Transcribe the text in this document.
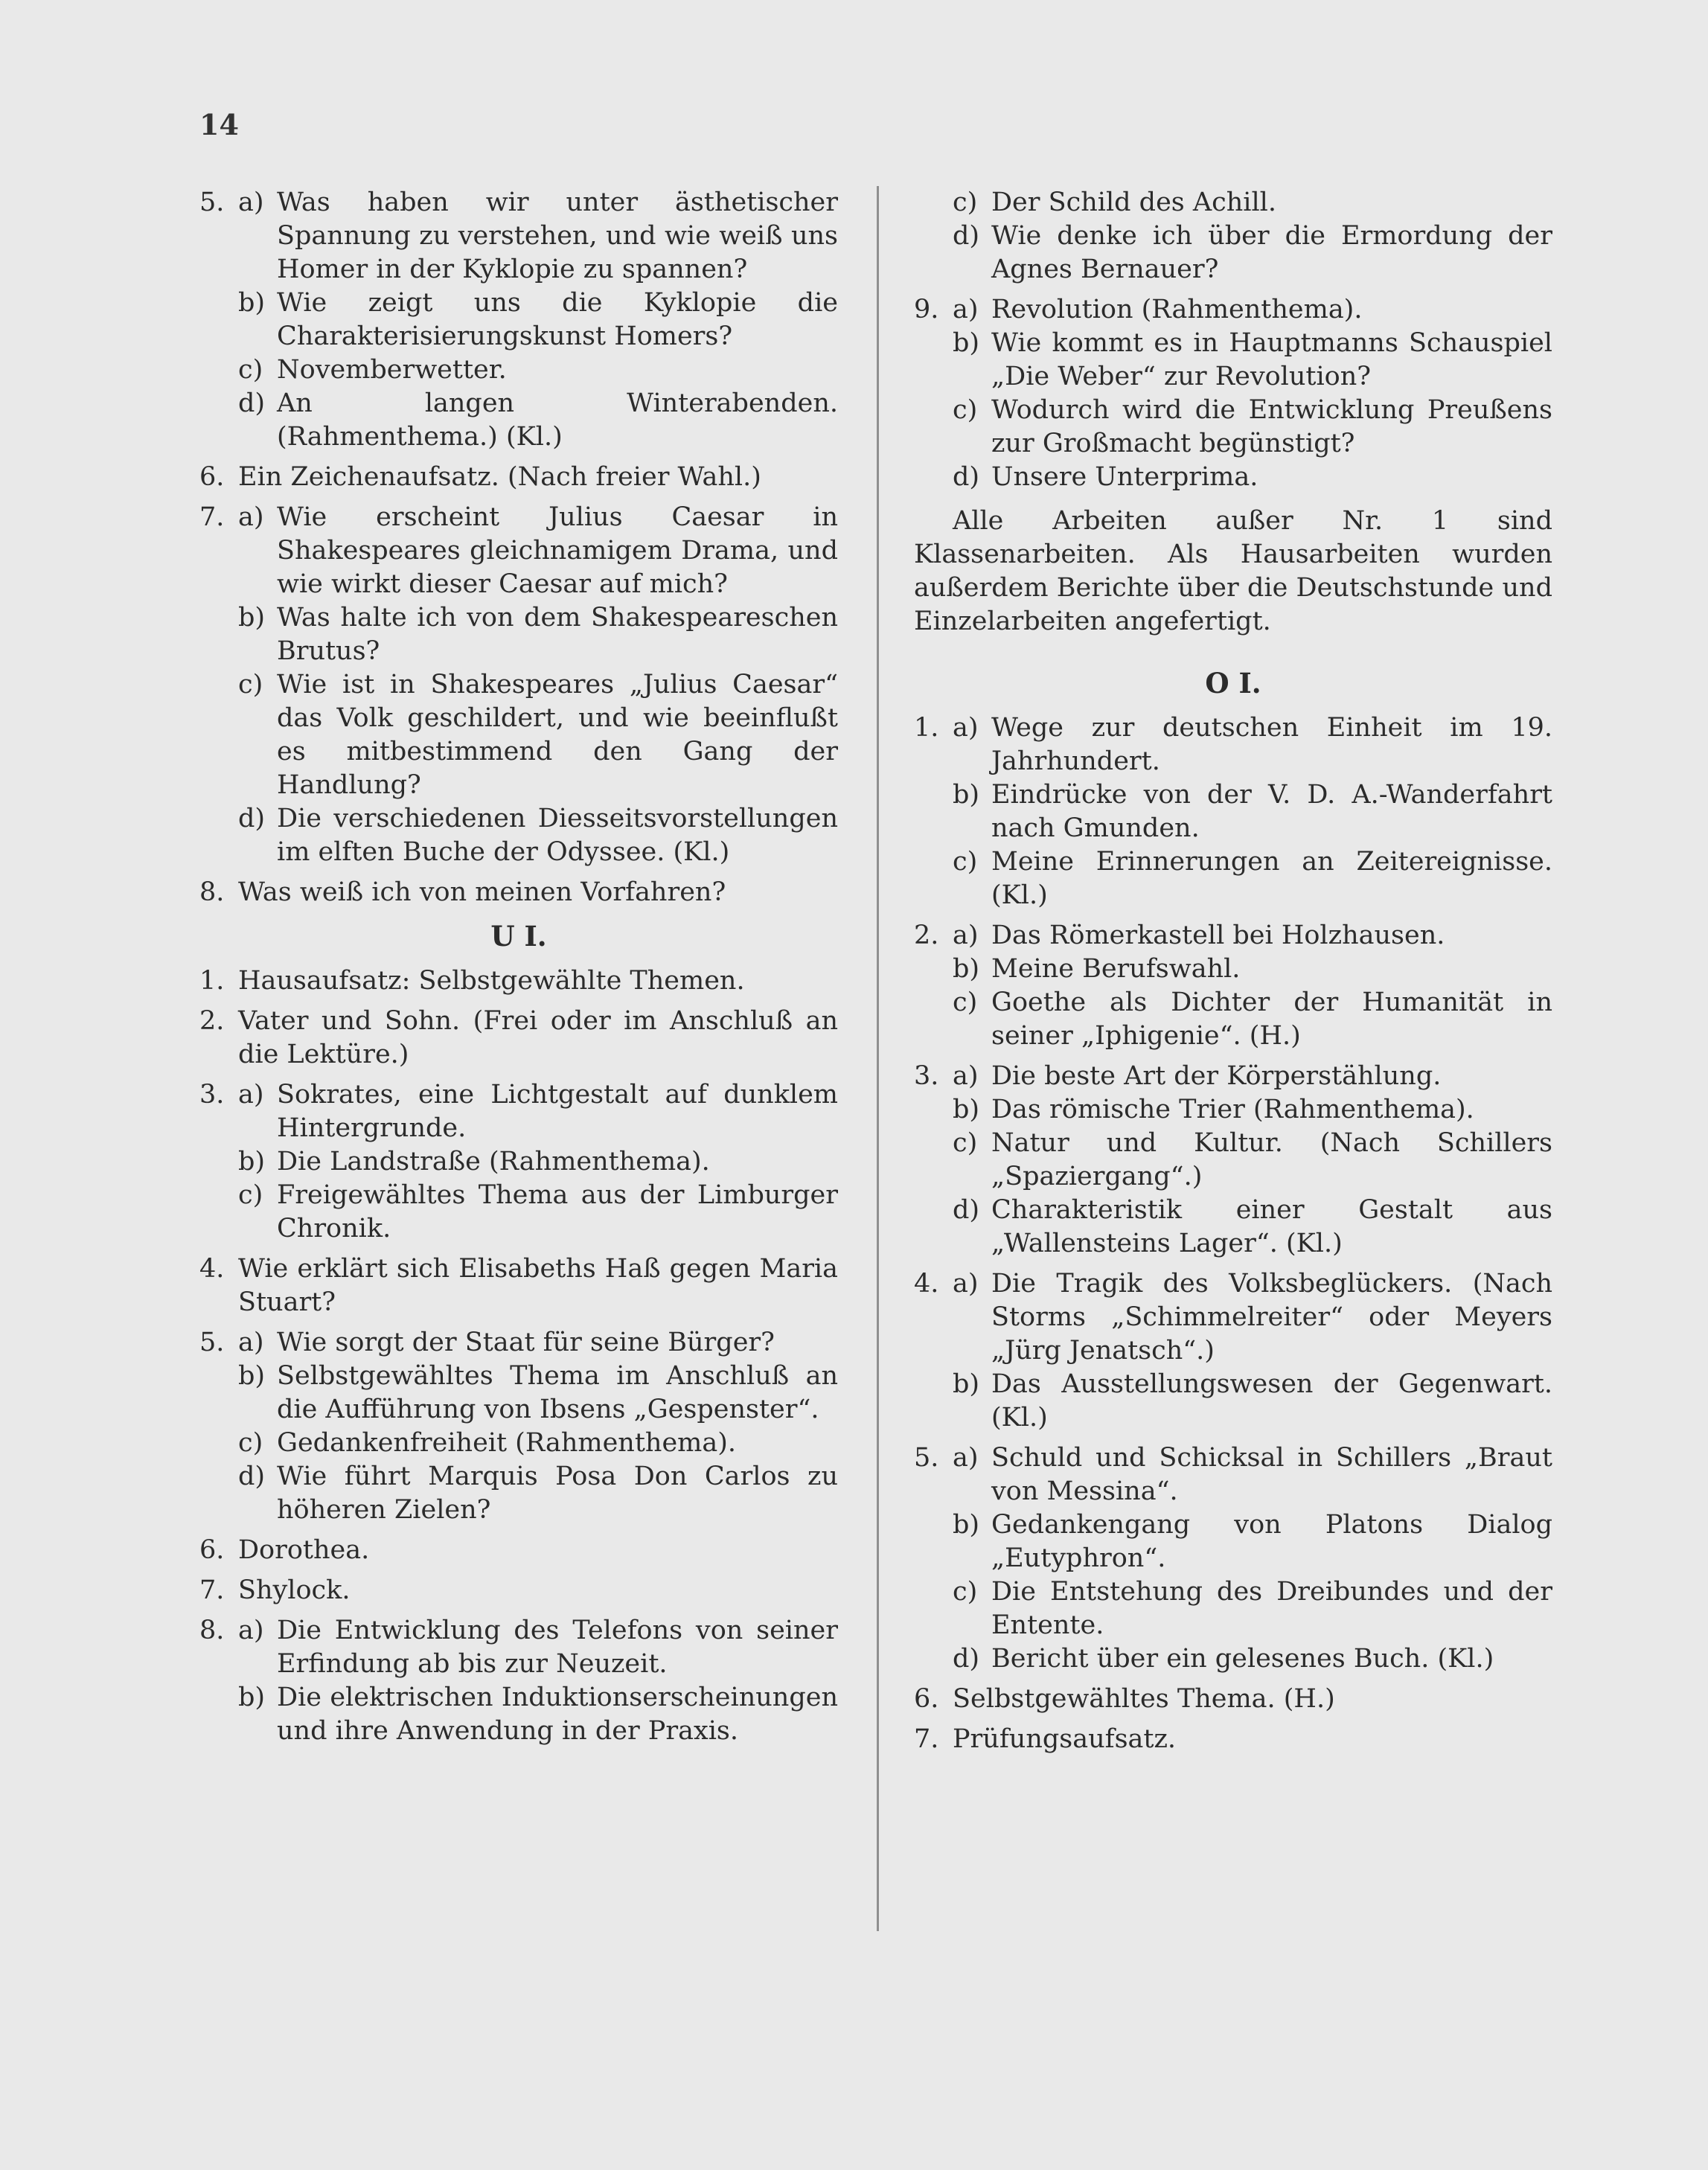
14
5. a) Was haben wir unter ästhetischer Spannung zu verstehen, und wie weiß uns Homer in der Kyklopie zu spannen?
b) Wie zeigt uns die Kyklopie die Charakterisierungskunst Homers?
c) Novemberwetter.
d) An langen Winterabenden. (Rahmenthema.) (Kl.)
6. Ein Zeichenaufsatz. (Nach freier Wahl.)
7. a) Wie erscheint Julius Caesar in Shakespeares gleichnamigem Drama, und wie wirkt dieser Caesar auf mich?
b) Was halte ich von dem Shakespeareschen Brutus?
c) Wie ist in Shakespeares „Julius Caesar“ das Volk geschildert, und wie beeinflußt es mitbestimmend den Gang der Handlung?
d) Die verschiedenen Diesseitsvorstellungen im elften Buche der Odyssee. (Kl.)
8. Was weiß ich von meinen Vorfahren?
U I.
1. Hausaufsatz: Selbstgewählte Themen.
2. Vater und Sohn. (Frei oder im Anschluß an die Lektüre.)
3. a) Sokrates, eine Lichtgestalt auf dunklem Hintergrunde.
b) Die Landstraße (Rahmenthema).
c) Freigewähltes Thema aus der Limburger Chronik.
4. Wie erklärt sich Elisabeths Haß gegen Maria Stuart?
5. a) Wie sorgt der Staat für seine Bürger?
b) Selbstgewähltes Thema im Anschluß an die Aufführung von Ibsens „Gespenster“.
c) Gedankenfreiheit (Rahmenthema).
d) Wie führt Marquis Posa Don Carlos zu höheren Zielen?
6. Dorothea.
7. Shylock.
8. a) Die Entwicklung des Telefons von seiner Erfindung ab bis zur Neuzeit.
b) Die elektrischen Induktionserscheinungen und ihre Anwendung in der Praxis.
c) Der Schild des Achill.
d) Wie denke ich über die Ermordung der Agnes Bernauer?
9. a) Revolution (Rahmenthema).
b) Wie kommt es in Hauptmanns Schauspiel „Die Weber“ zur Revolution?
c) Wodurch wird die Entwicklung Preußens zur Großmacht begünstigt?
d) Unsere Unterprima.
Alle Arbeiten außer Nr. 1 sind Klassenarbeiten. Als Hausarbeiten wurden außerdem Berichte über die Deutschstunde und Einzelarbeiten angefertigt.
O I.
1. a) Wege zur deutschen Einheit im 19. Jahrhundert.
b) Eindrücke von der V. D. A.-Wanderfahrt nach Gmunden.
c) Meine Erinnerungen an Zeitereignisse. (Kl.)
2. a) Das Römerkastell bei Holzhausen.
b) Meine Berufswahl.
c) Goethe als Dichter der Humanität in seiner „Iphigenie“. (H.)
3. a) Die beste Art der Körperstählung.
b) Das römische Trier (Rahmenthema).
c) Natur und Kultur. (Nach Schillers „Spaziergang“.)
d) Charakteristik einer Gestalt aus „Wallensteins Lager“. (Kl.)
4. a) Die Tragik des Volksbeglückers. (Nach Storms „Schimmelreiter“ oder Meyers „Jürg Jenatsch“.)
b) Das Ausstellungswesen der Gegenwart. (Kl.)
5. a) Schuld und Schicksal in Schillers „Braut von Messina“.
b) Gedankengang von Platons Dialog „Eutyphron“.
c) Die Entstehung des Dreibundes und der Entente.
d) Bericht über ein gelesenes Buch. (Kl.)
6. Selbstgewähltes Thema. (H.)
7. Prüfungsaufsatz.
